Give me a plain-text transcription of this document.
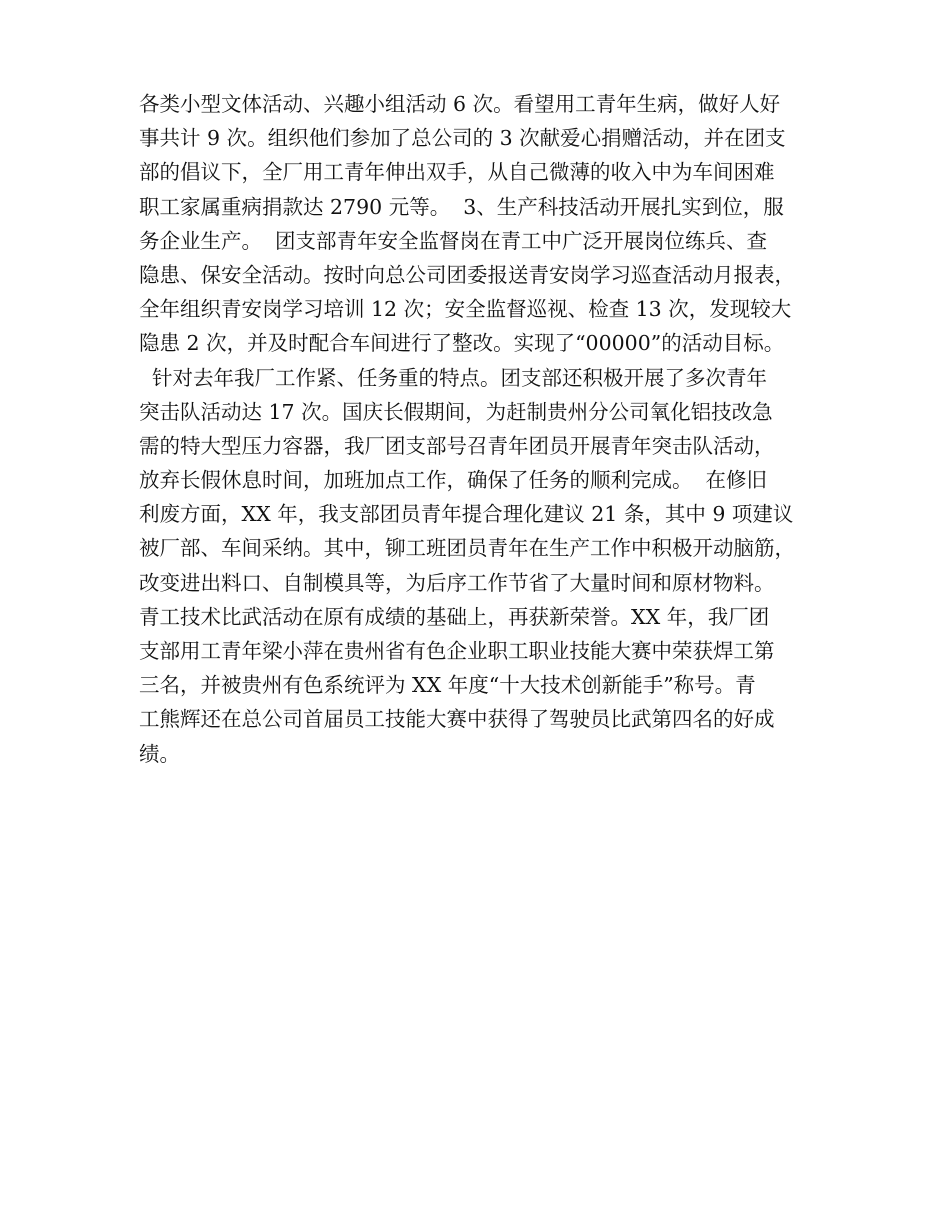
各类小型文体活动、兴趣小组活动 6 次。看望用工青年生病，做好人好
事共计 9 次。组织他们参加了总公司的 3 次献爱心捐赠活动，并在团支
部的倡议下，全厂用工青年伸出双手，从自己微薄的收入中为车间困难
职工家属重病捐款达 2790 元等。  3、生产科技活动开展扎实到位，服
务企业生产。  团支部青年安全监督岗在青工中广泛开展岗位练兵、查
隐患、保安全活动。按时向总公司团委报送青安岗学习巡查活动月报表，
全年组织青安岗学习培训 12 次；安全监督巡视、检查 13 次，发现较大
隐患 2 次，并及时配合车间进行了整改。实现了“00000”的活动目标。
针对去年我厂工作紧、任务重的特点。团支部还积极开展了多次青年
突击队活动达 17 次。国庆长假期间，为赶制贵州分公司氧化铝技改急
需的特大型压力容器，我厂团支部号召青年团员开展青年突击队活动，
放弃长假休息时间，加班加点工作，确保了任务的顺利完成。  在修旧
利废方面，XX 年，我支部团员青年提合理化建议 21 条，其中 9 项建议
被厂部、车间采纳。其中，铆工班团员青年在生产工作中积极开动脑筋，
改变进出料口、自制模具等，为后序工作节省了大量时间和原材物料。
青工技术比武活动在原有成绩的基础上，再获新荣誉。XX 年，我厂团
支部用工青年梁小萍在贵州省有色企业职工职业技能大赛中荣获焊工第
三名，并被贵州有色系统评为 XX 年度“十大技术创新能手”称号。青
工熊辉还在总公司首届员工技能大赛中获得了驾驶员比武第四名的好成
绩。
